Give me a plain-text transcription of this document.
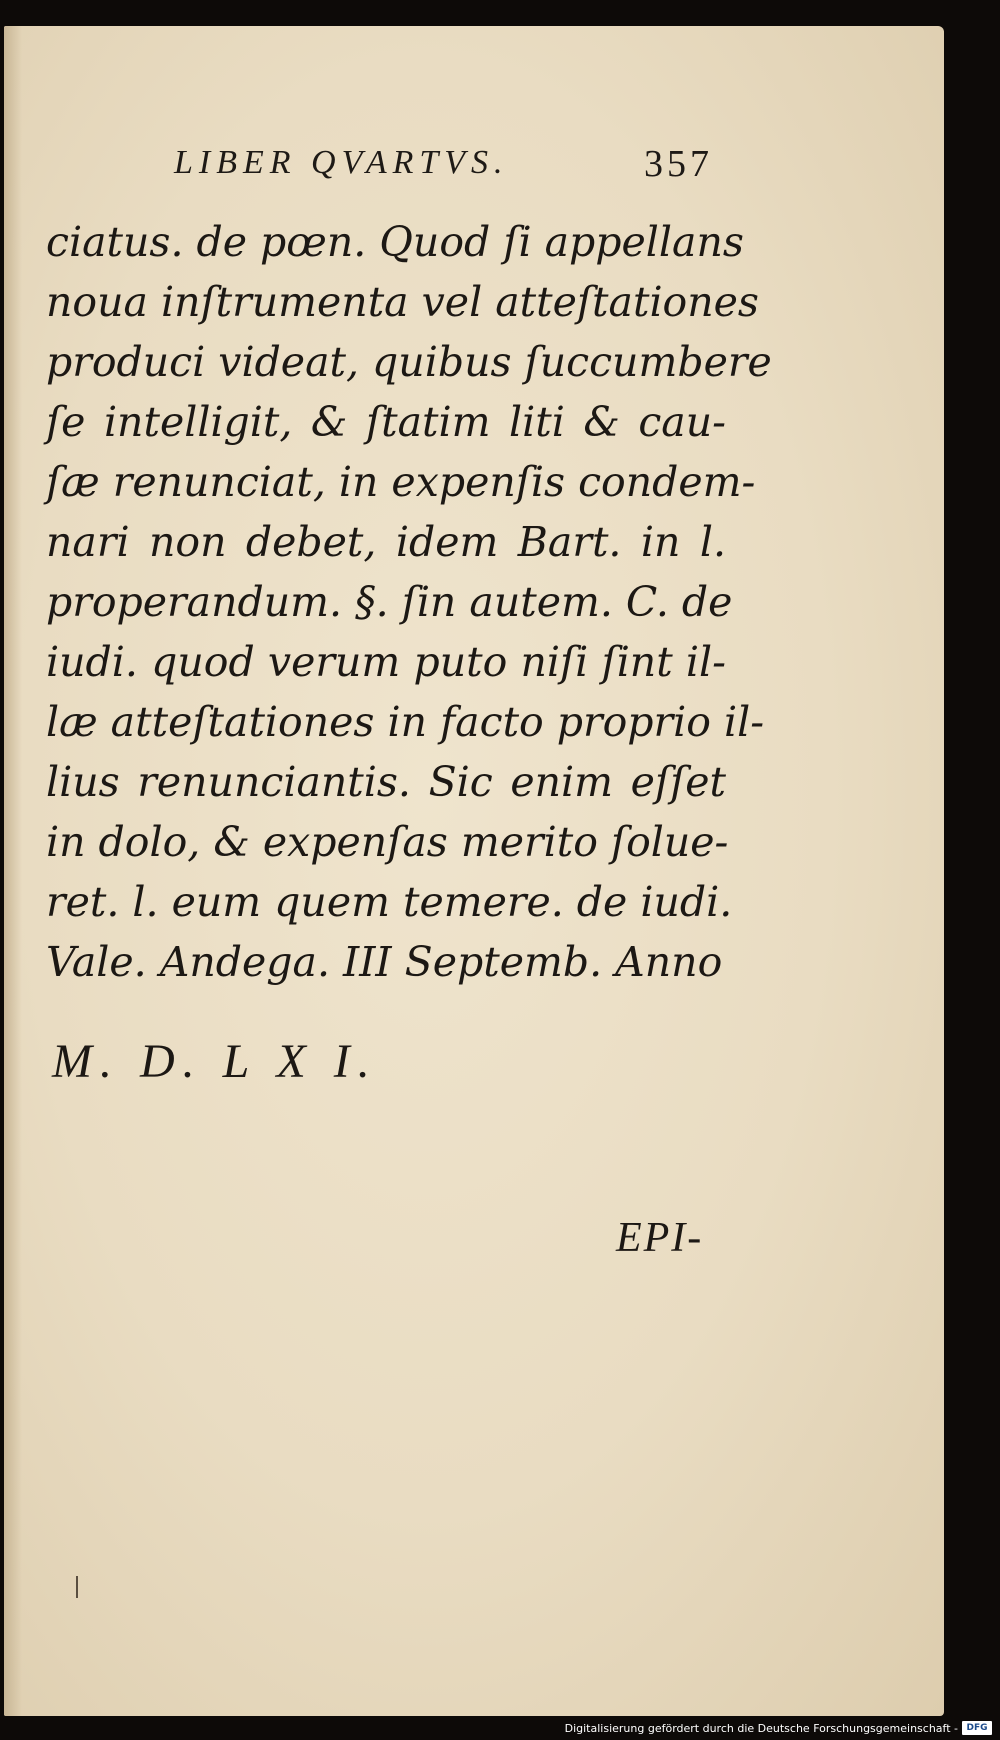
LIBER QVARTVS.	357
ciatus. de pœn. Quod ſi appellans
noua inſtrumenta vel atteſtationes
produci videat, quibus ſuccumbere
ſe intelligit, & ſtatim liti & cau-
ſæ renunciat, in expenſis condem-
nari non debet, idem Bart. in l.
properandum. §. ſin autem. C. de
iudi. quod verum puto niſi ſint il-
læ atteſtationes in facto proprio il-
lius renunciantis. Sic enim eſſet
in dolo, & expenſas merito ſolue-
ret. l. eum quem temere. de iudi.
Vale. Andega. III Septemb. Anno
M. D. L X I.
EPI-
Digitalisierung gefördert durch die Deutsche Forschungsgemeinschaft - DFG
